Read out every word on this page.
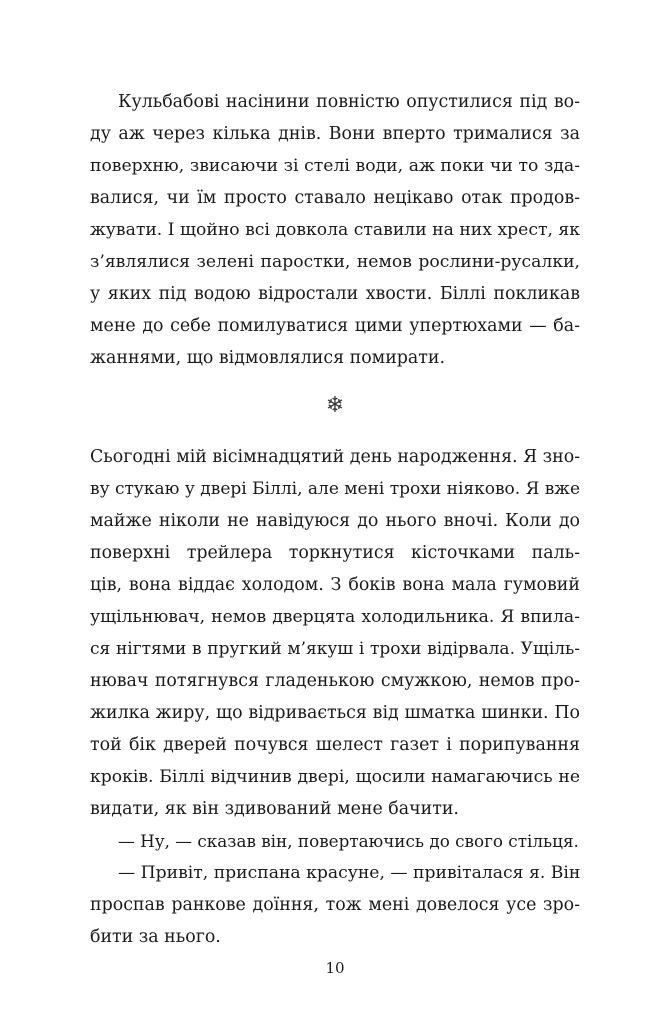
Кульбабові насінини повністю опустилися під во-
ду аж через кілька днів. Вони вперто трималися за
поверхню, звисаючи зі стелі води, аж поки чи то зда-
валися, чи їм просто ставало нецікаво отак продов-
жувати. І щойно всі довкола ставили на них хрест, як
з’являлися зелені паростки, немов рослини-русалки,
у яких під водою відростали хвости. Біллі покликав
мене до себе помилуватися цими упертюхами — ба-
жаннями, що відмовлялися помирати.
❄
Сьогодні мій вісімнадцятий день народження. Я зно-
ву стукаю у двері Біллі, але мені трохи ніяково. Я вже
майже ніколи не навідуюся до нього вночі. Коли до
поверхні трейлера торкнутися кісточками паль-
ців, вона віддає холодом. З боків вона мала гумовий
ущільнювач, немов дверцята холодильника. Я впила-
ся нігтями в пругкий м’якуш і трохи відірвала. Ущіль-
нювач потягнувся гладенькою смужкою, немов про-
жилка жиру, що відривається від шматка шинки. По
той бік дверей почувся шелест газет і порипування
кроків. Біллі відчинив двері, щосили намагаючись не
видати, як він здивований мене бачити.
— Ну, — сказав він, повертаючись до свого стільця.
— Привіт, приспана красуне, — привіталася я. Він
проспав ранкове доїння, тож мені довелося усе зро-
бити за нього.
10
